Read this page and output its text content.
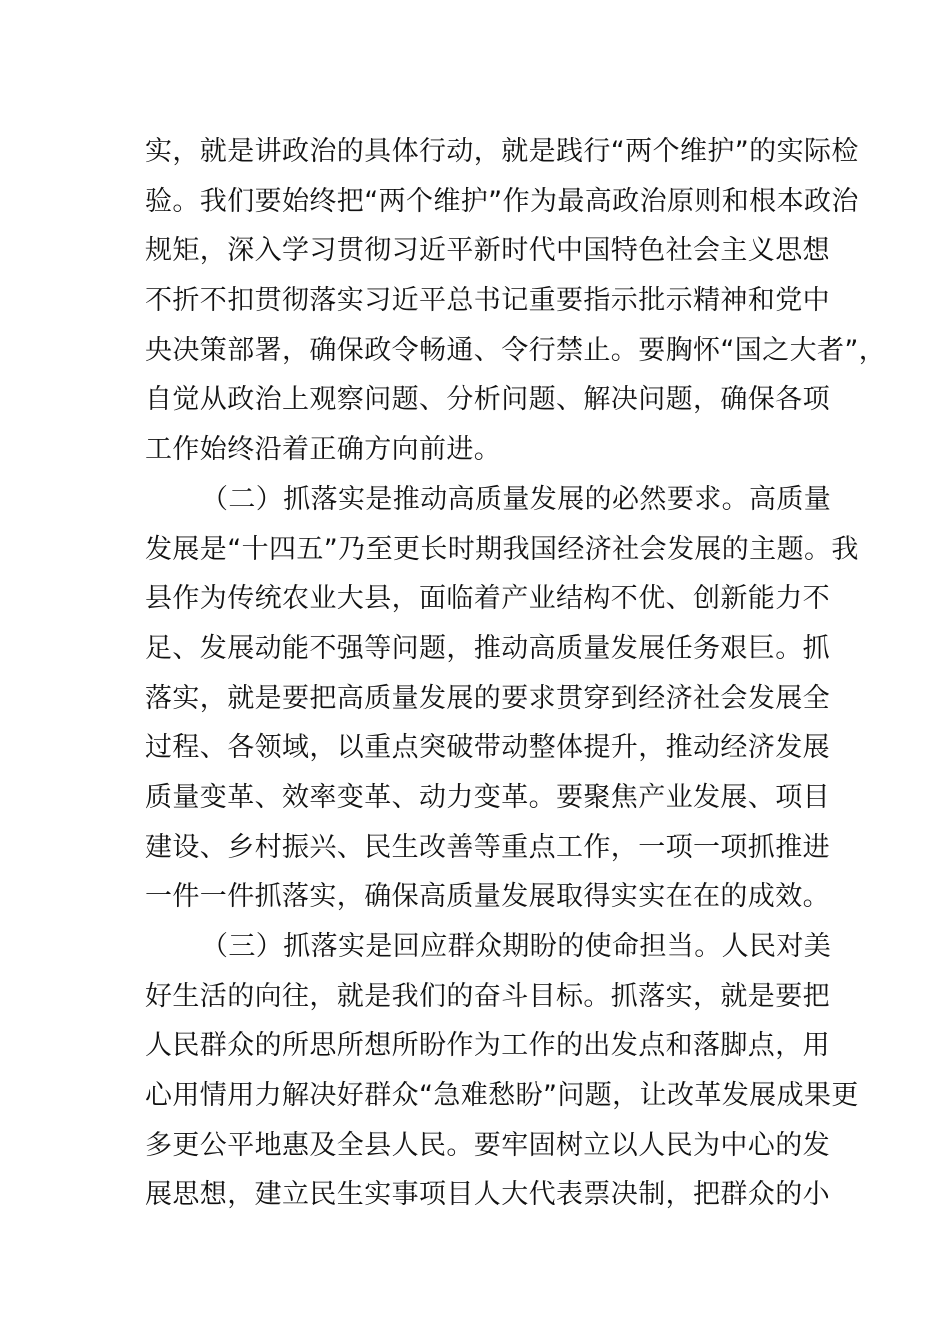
实，就是讲政治的具体行动，就是践行“两个维护”的实际检
验。我们要始终把“两个维护”作为最高政治原则和根本政治
规矩，深入学习贯彻习近平新时代中国特色社会主义思想
不折不扣贯彻落实习近平总书记重要指示批示精神和党中
央决策部署，确保政令畅通、令行禁止。要胸怀“国之大者”，
自觉从政治上观察问题、分析问题、解决问题，确保各项
工作始终沿着正确方向前进。
（二）抓落实是推动高质量发展的必然要求。高质量
发展是“十四五”乃至更长时期我国经济社会发展的主题。我
县作为传统农业大县，面临着产业结构不优、创新能力不
足、发展动能不强等问题，推动高质量发展任务艰巨。抓
落实，就是要把高质量发展的要求贯穿到经济社会发展全
过程、各领域，以重点突破带动整体提升，推动经济发展
质量变革、效率变革、动力变革。要聚焦产业发展、项目
建设、乡村振兴、民生改善等重点工作，一项一项抓推进
一件一件抓落实，确保高质量发展取得实实在在的成效。
（三）抓落实是回应群众期盼的使命担当。人民对美
好生活的向往，就是我们的奋斗目标。抓落实，就是要把
人民群众的所思所想所盼作为工作的出发点和落脚点，用
心用情用力解决好群众“急难愁盼”问题，让改革发展成果更
多更公平地惠及全县人民。要牢固树立以人民为中心的发
展思想，建立民生实事项目人大代表票决制，把群众的小
